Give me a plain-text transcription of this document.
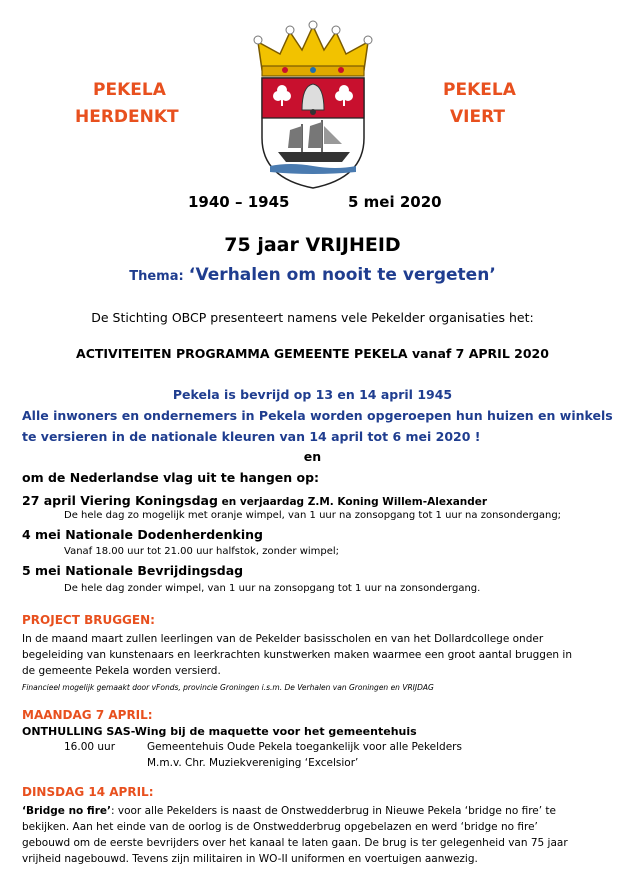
PEKELA
HERDENKT
PEKELA
VIERT
1940 – 1945	5 mei 2020
75 jaar VRIJHEID
Thema: ‘Verhalen om nooit te vergeten’
De Stichting OBCP presenteert namens vele Pekelder organisaties het:
ACTIVITEITEN PROGRAMMA GEMEENTE PEKELA vanaf 7 APRIL 2020
Pekela is bevrijd op 13 en 14 april 1945
Alle inwoners en ondernemers in Pekela worden opgeroepen hun huizen en winkels
te versieren in de nationale kleuren van 14 april tot 6 mei 2020 !
en
om de Nederlandse vlag uit te hangen op:
27 april Viering Koningsdag en verjaardag Z.M. Koning Willem-Alexander
De hele dag zo mogelijk met oranje wimpel, van 1 uur na zonsopgang tot 1 uur na zonsondergang;
4 mei Nationale Dodenherdenking
Vanaf 18.00 uur tot 21.00 uur halfstok, zonder wimpel;
5 mei Nationale Bevrijdingsdag
De hele dag zonder wimpel, van 1 uur na zonsopgang tot 1 uur na zonsondergang.
PROJECT BRUGGEN:
In de maand maart zullen leerlingen van de Pekelder basisscholen en van het Dollardcollege onder
begeleiding van kunstenaars en leerkrachten kunstwerken maken waarmee een groot aantal bruggen in
de gemeente Pekela worden versierd.
Financieel mogelijk gemaakt door vFonds, provincie Groningen i.s.m. De Verhalen van Groningen en VRIJDAG
MAANDAG 7 APRIL:
ONTHULLING SAS-Wing bij de maquette voor het gemeentehuis
16.00 uur	Gemeentehuis Oude Pekela toegankelijk voor alle Pekelders
M.m.v. Chr. Muziekvereniging ‘Excelsior’
DINSDAG 14 APRIL:
‘Bridge no fire’: voor alle Pekelders is naast de Onstwedderbrug in Nieuwe Pekela ‘bridge no fire’ te
bekijken. Aan het einde van de oorlog is de Onstwedderbrug opgebelazen en werd ‘bridge no fire’
gebouwd om de eerste bevrijders over het kanaal te laten gaan. De brug is ter gelegenheid van 75 jaar
vrijheid nagebouwd. Tevens zijn militairen in WO-II uniformen en voertuigen aanwezig.
